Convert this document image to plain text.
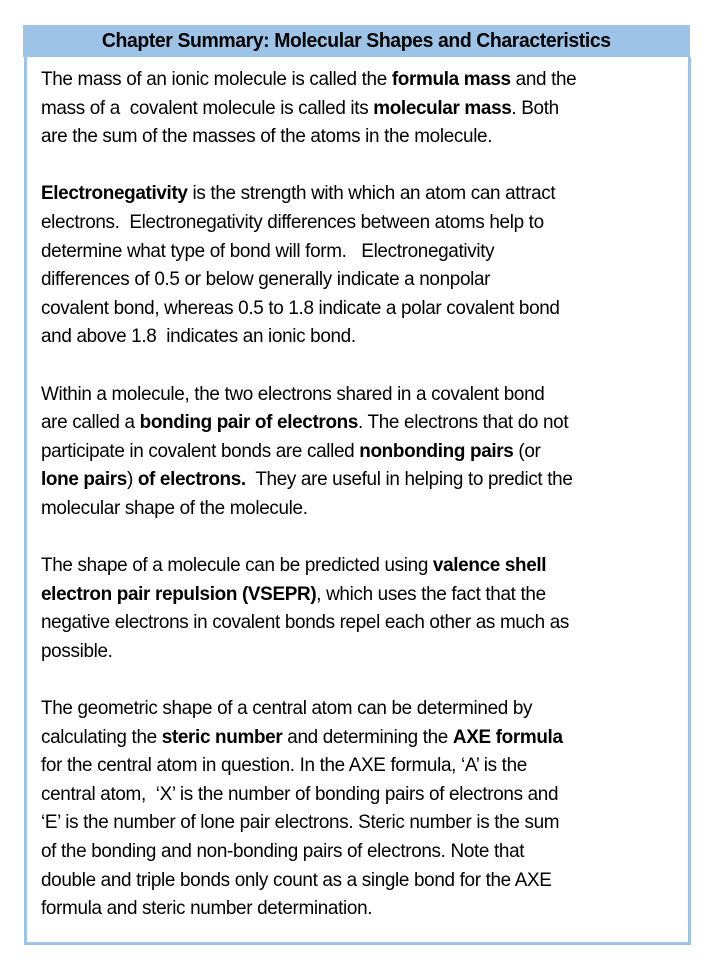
Chapter Summary: Molecular Shapes and Characteristics
The mass of an ionic molecule is called the formula mass and the
mass of a  covalent molecule is called its molecular mass. Both
are the sum of the masses of the atoms in the molecule.
Electronegativity is the strength with which an atom can attract
electrons.  Electronegativity differences between atoms help to
determine what type of bond will form.   Electronegativity
differences of 0.5 or below generally indicate a nonpolar
covalent bond, whereas 0.5 to 1.8 indicate a polar covalent bond
and above 1.8  indicates an ionic bond.
Within a molecule, the two electrons shared in a covalent bond
are called a bonding pair of electrons. The electrons that do not
participate in covalent bonds are called nonbonding pairs (or
lone pairs) of electrons.  They are useful in helping to predict the
molecular shape of the molecule.
The shape of a molecule can be predicted using valence shell
electron pair repulsion (VSEPR), which uses the fact that the
negative electrons in covalent bonds repel each other as much as
possible.
The geometric shape of a central atom can be determined by
calculating the steric number and determining the AXE formula
for the central atom in question. In the AXE formula, ‘A’ is the
central atom,  ‘X’ is the number of bonding pairs of electrons and
‘E’ is the number of lone pair electrons. Steric number is the sum
of the bonding and non-bonding pairs of electrons. Note that
double and triple bonds only count as a single bond for the AXE
formula and steric number determination.
